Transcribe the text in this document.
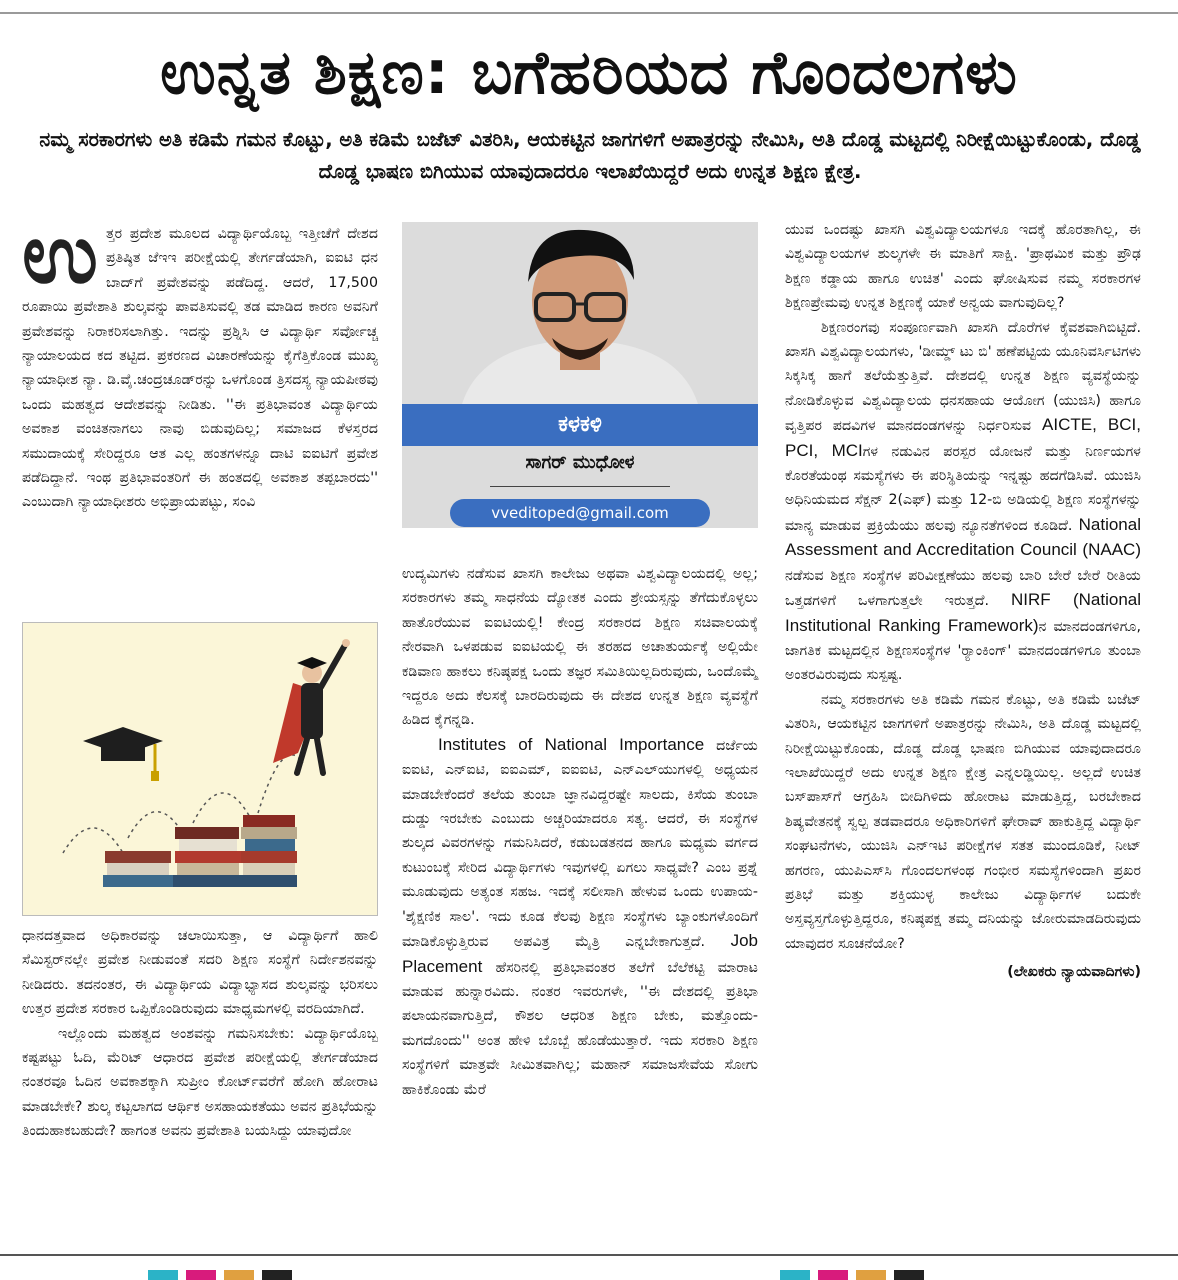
ಉನ್ನತ ಶಿಕ್ಷಣ: ಬಗೆಹರಿಯದ ಗೊಂದಲಗಳು
ನಮ್ಮ ಸರಕಾರಗಳು ಅತಿ ಕಡಿಮೆ ಗಮನ ಕೊಟ್ಟು, ಅತಿ ಕಡಿಮೆ ಬಜೆಟ್ ವಿತರಿಸಿ, ಆಯಕಟ್ಟಿನ ಜಾಗಗಳಿಗೆ ಅಪಾತ್ರರನ್ನು ನೇಮಿಸಿ, ಅತಿ ದೊಡ್ಡ ಮಟ್ಟದಲ್ಲಿ ನಿರೀಕ್ಷೆಯಿಟ್ಟುಕೊಂಡು, ದೊಡ್ಡ ದೊಡ್ಡ ಭಾಷಣ ಬಿಗಿಯುವ ಯಾವುದಾದರೂ ಇಲಾಖೆಯಿದ್ದರೆ ಅದು ಉನ್ನತ ಶಿಕ್ಷಣ ಕ್ಷೇತ್ರ.
ಉ ತ್ತರ ಪ್ರದೇಶ ಮೂಲದ ವಿದ್ಯಾರ್ಥಿಯೊಬ್ಬ ಇತ್ತೀಚೆಗೆ ದೇಶದ ಪ್ರತಿಷ್ಠಿತ ಜೆಇಇ ಪರೀಕ್ಷೆಯಲ್ಲಿ ತೇರ್ಗಡೆಯಾಗಿ, ಐಐಟಿ ಧನ ಬಾದ್‌ಗೆ ಪ್ರವೇಶವನ್ನು ಪಡೆದಿದ್ದ. ಆದರೆ, 17,500 ರೂಪಾಯಿ ಪ್ರವೇಶಾತಿ ಶುಲ್ಕವನ್ನು ಪಾವತಿಸುವಲ್ಲಿ ತಡ ಮಾಡಿದ ಕಾರಣ ಅವನಿಗೆ ಪ್ರವೇಶವನ್ನು ನಿರಾಕರಿಸಲಾಗಿತ್ತು. ಇದನ್ನು ಪ್ರಶ್ನಿಸಿ ಆ ವಿದ್ಯಾರ್ಥಿ ಸರ್ವೋಚ್ಚ ನ್ಯಾಯಾಲಯದ ಕದ ತಟ್ಟಿದ. ಪ್ರಕರಣದ ವಿಚಾರಣೆಯನ್ನು ಕೈಗೆತ್ತಿಕೊಂಡ ಮುಖ್ಯ ನ್ಯಾಯಾಧೀಶ ನ್ಯಾ. ಡಿ.ವೈ.ಚಂದ್ರಚೂಡ್‌ರನ್ನು ಒಳಗೊಂಡ ತ್ರಿಸದಸ್ಯ ನ್ಯಾಯಪೀಠವು ಒಂದು ಮಹತ್ವದ ಆದೇಶವನ್ನು ನೀಡಿತು. ''ಈ ಪ್ರತಿಭಾವಂತ ವಿದ್ಯಾರ್ಥಿಯ ಅವಕಾಶ ವಂಚಿತನಾಗಲು ನಾವು ಬಿಡುವುದಿಲ್ಲ; ಸಮಾಜದ ಕೆಳಸ್ತರದ ಸಮುದಾಯಕ್ಕೆ ಸೇರಿದ್ದರೂ ಆತ ಎಲ್ಲ ಹಂತಗಳನ್ನೂ ದಾಟಿ ಐಐಟಿಗೆ ಪ್ರವೇಶ ಪಡೆದಿದ್ದಾನೆ. ಇಂಥ ಪ್ರತಿಭಾವಂತರಿಗೆ ಈ ಹಂತದಲ್ಲಿ ಅವಕಾಶ ತಪ್ಪಬಾರದು'' ಎಂಬುದಾಗಿ ನ್ಯಾಯಾಧೀಶರು ಅಭಿಪ್ರಾಯಪಟ್ಟು, ಸಂವಿ

ಧಾನದತ್ತವಾದ ಅಧಿಕಾರವನ್ನು ಚಲಾಯಿಸುತ್ತಾ, ಆ ವಿದ್ಯಾರ್ಥಿಗೆ ಹಾಲಿ ಸೆಮಿಸ್ಟರ್‌ನಲ್ಲೇ ಪ್ರವೇಶ ನೀಡುವಂತೆ ಸದರಿ ಶಿಕ್ಷಣ ಸಂಸ್ಥೆಗೆ ನಿರ್ದೇಶನವನ್ನು ನೀಡಿದರು. ತದನಂತರ, ಈ ವಿದ್ಯಾರ್ಥಿಯ ವಿದ್ಯಾಭ್ಯಾಸದ ಶುಲ್ಕವನ್ನು ಭರಿಸಲು ಉತ್ತರ ಪ್ರದೇಶ ಸರಕಾರ ಒಪ್ಪಿಕೊಂಡಿರುವುದು ಮಾಧ್ಯಮಗಳಲ್ಲಿ ವರದಿಯಾಗಿದೆ.

ಇಲ್ಲೊಂದು ಮಹತ್ವದ ಅಂಶವನ್ನು ಗಮನಿಸಬೇಕು: ವಿದ್ಯಾರ್ಥಿಯೊಬ್ಬ ಕಷ್ಟಪಟ್ಟು ಓದಿ, ಮೆರಿಟ್ ಆಧಾರದ ಪ್ರವೇಶ ಪರೀಕ್ಷೆಯಲ್ಲಿ ತೇರ್ಗಡೆಯಾದ ನಂತರವೂ ಓದಿನ ಅವಕಾಶಕ್ಕಾಗಿ ಸುಪ್ರೀಂ ಕೋರ್ಟ್‌ವರೆಗೆ ಹೋಗಿ ಹೋರಾಟ ಮಾಡಬೇಕೇ? ಶುಲ್ಕ ಕಟ್ಟಲಾಗದ ಆರ್ಥಿಕ ಅಸಹಾಯಕತೆಯು ಅವನ ಪ್ರತಿಭೆಯನ್ನು ತಿಂದುಹಾಕಬಹುದೇ? ಹಾಗಂತ ಅವನು ಪ್ರವೇಶಾತಿ ಬಯಸಿದ್ದು ಯಾವುದೋ

ಕಳಕಳಿ
ಸಾಗರ್ ಮುಧೋಳ
vveditoped@gmail.com

ಉದ್ಯಮಿಗಳು ನಡೆಸುವ ಖಾಸಗಿ ಕಾಲೇಜು ಅಥವಾ ವಿಶ್ವವಿದ್ಯಾಲಯದಲ್ಲಿ ಅಲ್ಲ; ಸರಕಾರಗಳು ತಮ್ಮ ಸಾಧನೆಯ ದ್ಯೋತಕ ಎಂದು ಶ್ರೇಯಸ್ಸನ್ನು ತೆಗೆದುಕೊಳ್ಳಲು ಹಾತೊರೆಯುವ ಐಐಟಿಯಲ್ಲಿ! ಕೇಂದ್ರ ಸರಕಾರದ ಶಿಕ್ಷಣ ಸಚಿವಾಲಯಕ್ಕೆ ನೇರವಾಗಿ ಒಳಪಡುವ ಐಐಟಿಯಲ್ಲಿ ಈ ತರಹದ ಅಚಾತುರ್ಯಕ್ಕೆ ಅಲ್ಲಿಯೇ ಕಡಿವಾಣ ಹಾಕಲು ಕನಿಷ್ಠಪಕ್ಷ ಒಂದು ತಜ್ಞರ ಸಮಿತಿಯಿಲ್ಲದಿರುವುದು, ಒಂದೊಮ್ಮೆ ಇದ್ದರೂ ಅದು ಕೆಲಸಕ್ಕೆ ಬಾರದಿರುವುದು ಈ ದೇಶದ ಉನ್ನತ ಶಿಕ್ಷಣ ವ್ಯವಸ್ಥೆಗೆ ಹಿಡಿದ ಕೈಗನ್ನಡಿ.

Institutes of National Importance ದರ್ಜೆಯ ಐಐಟಿ, ಎನ್ಐಟಿ, ಐಐಎಮ್, ಐಐಐಟಿ, ಎನ್ಎಲ್‌ಯುಗಳಲ್ಲಿ ಅಧ್ಯಯನ ಮಾಡಬೇಕೆಂದರೆ ತಲೆಯ ತುಂಬಾ ಜ್ಞಾನವಿದ್ದರಷ್ಟೇ ಸಾಲದು, ಕಿಸೆಯ ತುಂಬಾ ದುಡ್ಡು ಇರಬೇಕು ಎಂಬುದು ಅಚ್ಚರಿಯಾದರೂ ಸತ್ಯ. ಆದರೆ, ಈ ಸಂಸ್ಥೆಗಳ ಶುಲ್ಕದ ವಿವರಗಳನ್ನು ಗಮನಿಸಿದರೆ, ಕಡುಬಡತನದ ಹಾಗೂ ಮಧ್ಯಮ ವರ್ಗದ ಕುಟುಂಬಕ್ಕೆ ಸೇರಿದ ವಿದ್ಯಾರ್ಥಿಗಳು ಇವುಗಳಲ್ಲಿ ಏಗಲು ಸಾಧ್ಯವೇ? ಎಂಬ ಪ್ರಶ್ನೆ ಮೂಡುವುದು ಅತ್ಯಂತ ಸಹಜ. ಇದಕ್ಕೆ ಸಲೀಸಾಗಿ ಹೇಳುವ ಒಂದು ಉಪಾಯ- 'ಶೈಕ್ಷಣಿಕ ಸಾಲ'. ಇದು ಕೂಡ ಕೆಲವು ಶಿಕ್ಷಣ ಸಂಸ್ಥೆಗಳು ಬ್ಯಾಂಕುಗಳೊಂದಿಗೆ ಮಾಡಿಕೊಳ್ಳುತ್ತಿರುವ ಅಪವಿತ್ರ ಮೈತ್ರಿ ಎನ್ನಬೇಕಾಗುತ್ತದೆ. Job Placement ಹೆಸರಿನಲ್ಲಿ ಪ್ರತಿಭಾವಂತರ ತಲೆಗೆ ಬೆಲೆಕಟ್ಟಿ ಮಾರಾಟ ಮಾಡುವ ಹುನ್ನಾರವಿದು. ನಂತರ ಇವರುಗಳೇ, ''ಈ ದೇಶದಲ್ಲಿ ಪ್ರತಿಭಾ ಪಲಾಯನವಾಗುತ್ತಿದೆ, ಕೌಶಲ ಆಧರಿತ ಶಿಕ್ಷಣ ಬೇಕು, ಮತ್ತೊಂದು- ಮಗದೊಂದು'' ಅಂತ ಹೇಳಿ ಬೊಬ್ಬೆ ಹೊಡೆಯುತ್ತಾರೆ. ಇದು ಸರಕಾರಿ ಶಿಕ್ಷಣ ಸಂಸ್ಥೆಗಳಿಗೆ ಮಾತ್ರವೇ ಸೀಮಿತವಾಗಿಲ್ಲ; ಮಹಾನ್ ಸಮಾಜಸೇವೆಯ ಸೋಗು ಹಾಕಿಕೊಂಡು ಮೆರೆ

ಯುವ ಒಂದಷ್ಟು ಖಾಸಗಿ ವಿಶ್ವವಿದ್ಯಾಲಯಗಳೂ ಇದಕ್ಕೆ ಹೊರತಾಗಿಲ್ಲ, ಈ ವಿಶ್ವವಿದ್ಯಾಲಯಗಳ ಶುಲ್ಕಗಳೇ ಈ ಮಾತಿಗೆ ಸಾಕ್ಷಿ. 'ಪ್ರಾಥಮಿಕ ಮತ್ತು ಪ್ರೌಢ ಶಿಕ್ಷಣ ಕಡ್ಡಾಯ ಹಾಗೂ ಉಚಿತ' ಎಂದು ಘೋಷಿಸುವ ನಮ್ಮ ಸರಕಾರಗಳ ಶಿಕ್ಷಣಪ್ರೇಮವು ಉನ್ನತ ಶಿಕ್ಷಣಕ್ಕೆ ಯಾಕೆ ಅನ್ವಯ ವಾಗುವುದಿಲ್ಲ?

ಶಿಕ್ಷಣರಂಗವು ಸಂಪೂರ್ಣವಾಗಿ ಖಾಸಗಿ ದೊರೆಗಳ ಕೈವಶವಾಗಿಬಿಟ್ಟಿದೆ. ಖಾಸಗಿ ವಿಶ್ವವಿದ್ಯಾಲಯಗಳು, 'ಡೀಮ್ಡ್ ಟು ಬಿ' ಹಣೆಪಟ್ಟಿಯ ಯೂನಿವರ್ಸಿಟಿಗಳು ಸಿಕ್ಕಸಿಕ್ಕ ಹಾಗೆ ತಲೆಯೆತ್ತುತ್ತಿವೆ. ದೇಶದಲ್ಲಿ ಉನ್ನತ ಶಿಕ್ಷಣ ವ್ಯವಸ್ಥೆಯನ್ನು ನೋಡಿಕೊಳ್ಳುವ ವಿಶ್ವವಿದ್ಯಾಲಯ ಧನಸಹಾಯ ಆಯೋಗ (ಯುಜಿಸಿ) ಹಾಗೂ ವೃತ್ತಿಪರ ಪದವಿಗಳ ಮಾನದಂಡಗಳನ್ನು ನಿರ್ಧರಿಸುವ AICTE, BCI, PCI, MCIಗಳ ನಡುವಿನ ಪರಸ್ಪರ ಯೋಜನೆ ಮತ್ತು ನಿರ್ಣಯಗಳ ಕೊರತೆಯಂಥ ಸಮಸ್ಯೆಗಳು ಈ ಪರಿಸ್ಥಿತಿಯನ್ನು ಇನ್ನಷ್ಟು ಹದಗೆಡಿಸಿವೆ. ಯುಜಿಸಿ ಅಧಿನಿಯಮದ ಸೆಕ್ಷನ್ 2(ಎಫ್) ಮತ್ತು 12-ಬಿ ಅಡಿಯಲ್ಲಿ ಶಿಕ್ಷಣ ಸಂಸ್ಥೆಗಳನ್ನು ಮಾನ್ಯ ಮಾಡುವ ಪ್ರಕ್ರಿಯೆಯು ಹಲವು ನ್ಯೂನತೆಗಳಿಂದ ಕೂಡಿದೆ. National Assessment and Accreditation Council (NAAC) ನಡೆಸುವ ಶಿಕ್ಷಣ ಸಂಸ್ಥೆಗಳ ಪರಿವೀಕ್ಷಣೆಯು ಹಲವು ಬಾರಿ ಬೇರೆ ಬೇರೆ ರೀತಿಯ ಒತ್ತಡಗಳಿಗೆ ಒಳಗಾಗುತ್ತಲೇ ಇರುತ್ತದೆ. NIRF (National Institutional Ranking Framework)ನ ಮಾನದಂಡಗಳಿಗೂ, ಜಾಗತಿಕ ಮಟ್ಟದಲ್ಲಿನ ಶಿಕ್ಷಣಸಂಸ್ಥೆಗಳ 'ರ್‍ಯಾಂಕಿಂಗ್' ಮಾನದಂಡಗಳಿಗೂ ತುಂಬಾ ಅಂತರವಿರುವುದು ಸುಸ್ಪಷ್ಟ.

ನಮ್ಮ ಸರಕಾರಗಳು ಅತಿ ಕಡಿಮೆ ಗಮನ ಕೊಟ್ಟು, ಅತಿ ಕಡಿಮೆ ಬಜೆಟ್ ವಿತರಿಸಿ, ಆಯಕಟ್ಟಿನ ಜಾಗಗಳಿಗೆ ಅಪಾತ್ರರನ್ನು ನೇಮಿಸಿ, ಅತಿ ದೊಡ್ಡ ಮಟ್ಟದಲ್ಲಿ ನಿರೀಕ್ಷೆಯಿಟ್ಟುಕೊಂಡು, ದೊಡ್ಡ ದೊಡ್ಡ ಭಾಷಣ ಬಿಗಿಯುವ ಯಾವುದಾದರೂ ಇಲಾಖೆಯಿದ್ದರೆ ಅದು ಉನ್ನತ ಶಿಕ್ಷಣ ಕ್ಷೇತ್ರ ಎನ್ನಲಡ್ಡಿಯಿಲ್ಲ. ಅಲ್ಲದೆ ಉಚಿತ ಬಸ್‌ಪಾಸ್‌ಗೆ ಆಗ್ರಹಿಸಿ ಬೀದಿಗಿಳಿದು ಹೋರಾಟ ಮಾಡುತ್ತಿದ್ದ, ಬರಬೇಕಾದ ಶಿಷ್ಯವೇತನಕ್ಕೆ ಸ್ವಲ್ಪ ತಡವಾದರೂ ಅಧಿಕಾರಿಗಳಿಗೆ ಘೇರಾವ್ ಹಾಕುತ್ತಿದ್ದ ವಿದ್ಯಾರ್ಥಿ ಸಂಘಟನೆಗಳು, ಯುಜಿಸಿ ಎನ್ಇಟಿ ಪರೀಕ್ಷೆಗಳ ಸತತ ಮುಂದೂಡಿಕೆ, ನೀಟ್ ಹಗರಣ, ಯುಪಿಎಸ್‌ಸಿ ಗೊಂದಲಗಳಂಥ ಗಂಭೀರ ಸಮಸ್ಯೆಗಳಿಂದಾಗಿ ಪ್ರಖರ ಪ್ರತಿಭೆ ಮತ್ತು ಶಕ್ತಿಯುಳ್ಳ ಕಾಲೇಜು ವಿದ್ಯಾರ್ಥಿಗಳ ಬದುಕೇ ಅಸ್ತವ್ಯಸ್ತಗೊಳ್ಳುತ್ತಿದ್ದರೂ, ಕನಿಷ್ಠಪಕ್ಷ ತಮ್ಮ ದನಿಯನ್ನು ಜೋರುಮಾಡದಿರುವುದು ಯಾವುದರ ಸೂಚನೆಯೋ?

(ಲೇಖಕರು ನ್ಯಾಯವಾದಿಗಳು)
